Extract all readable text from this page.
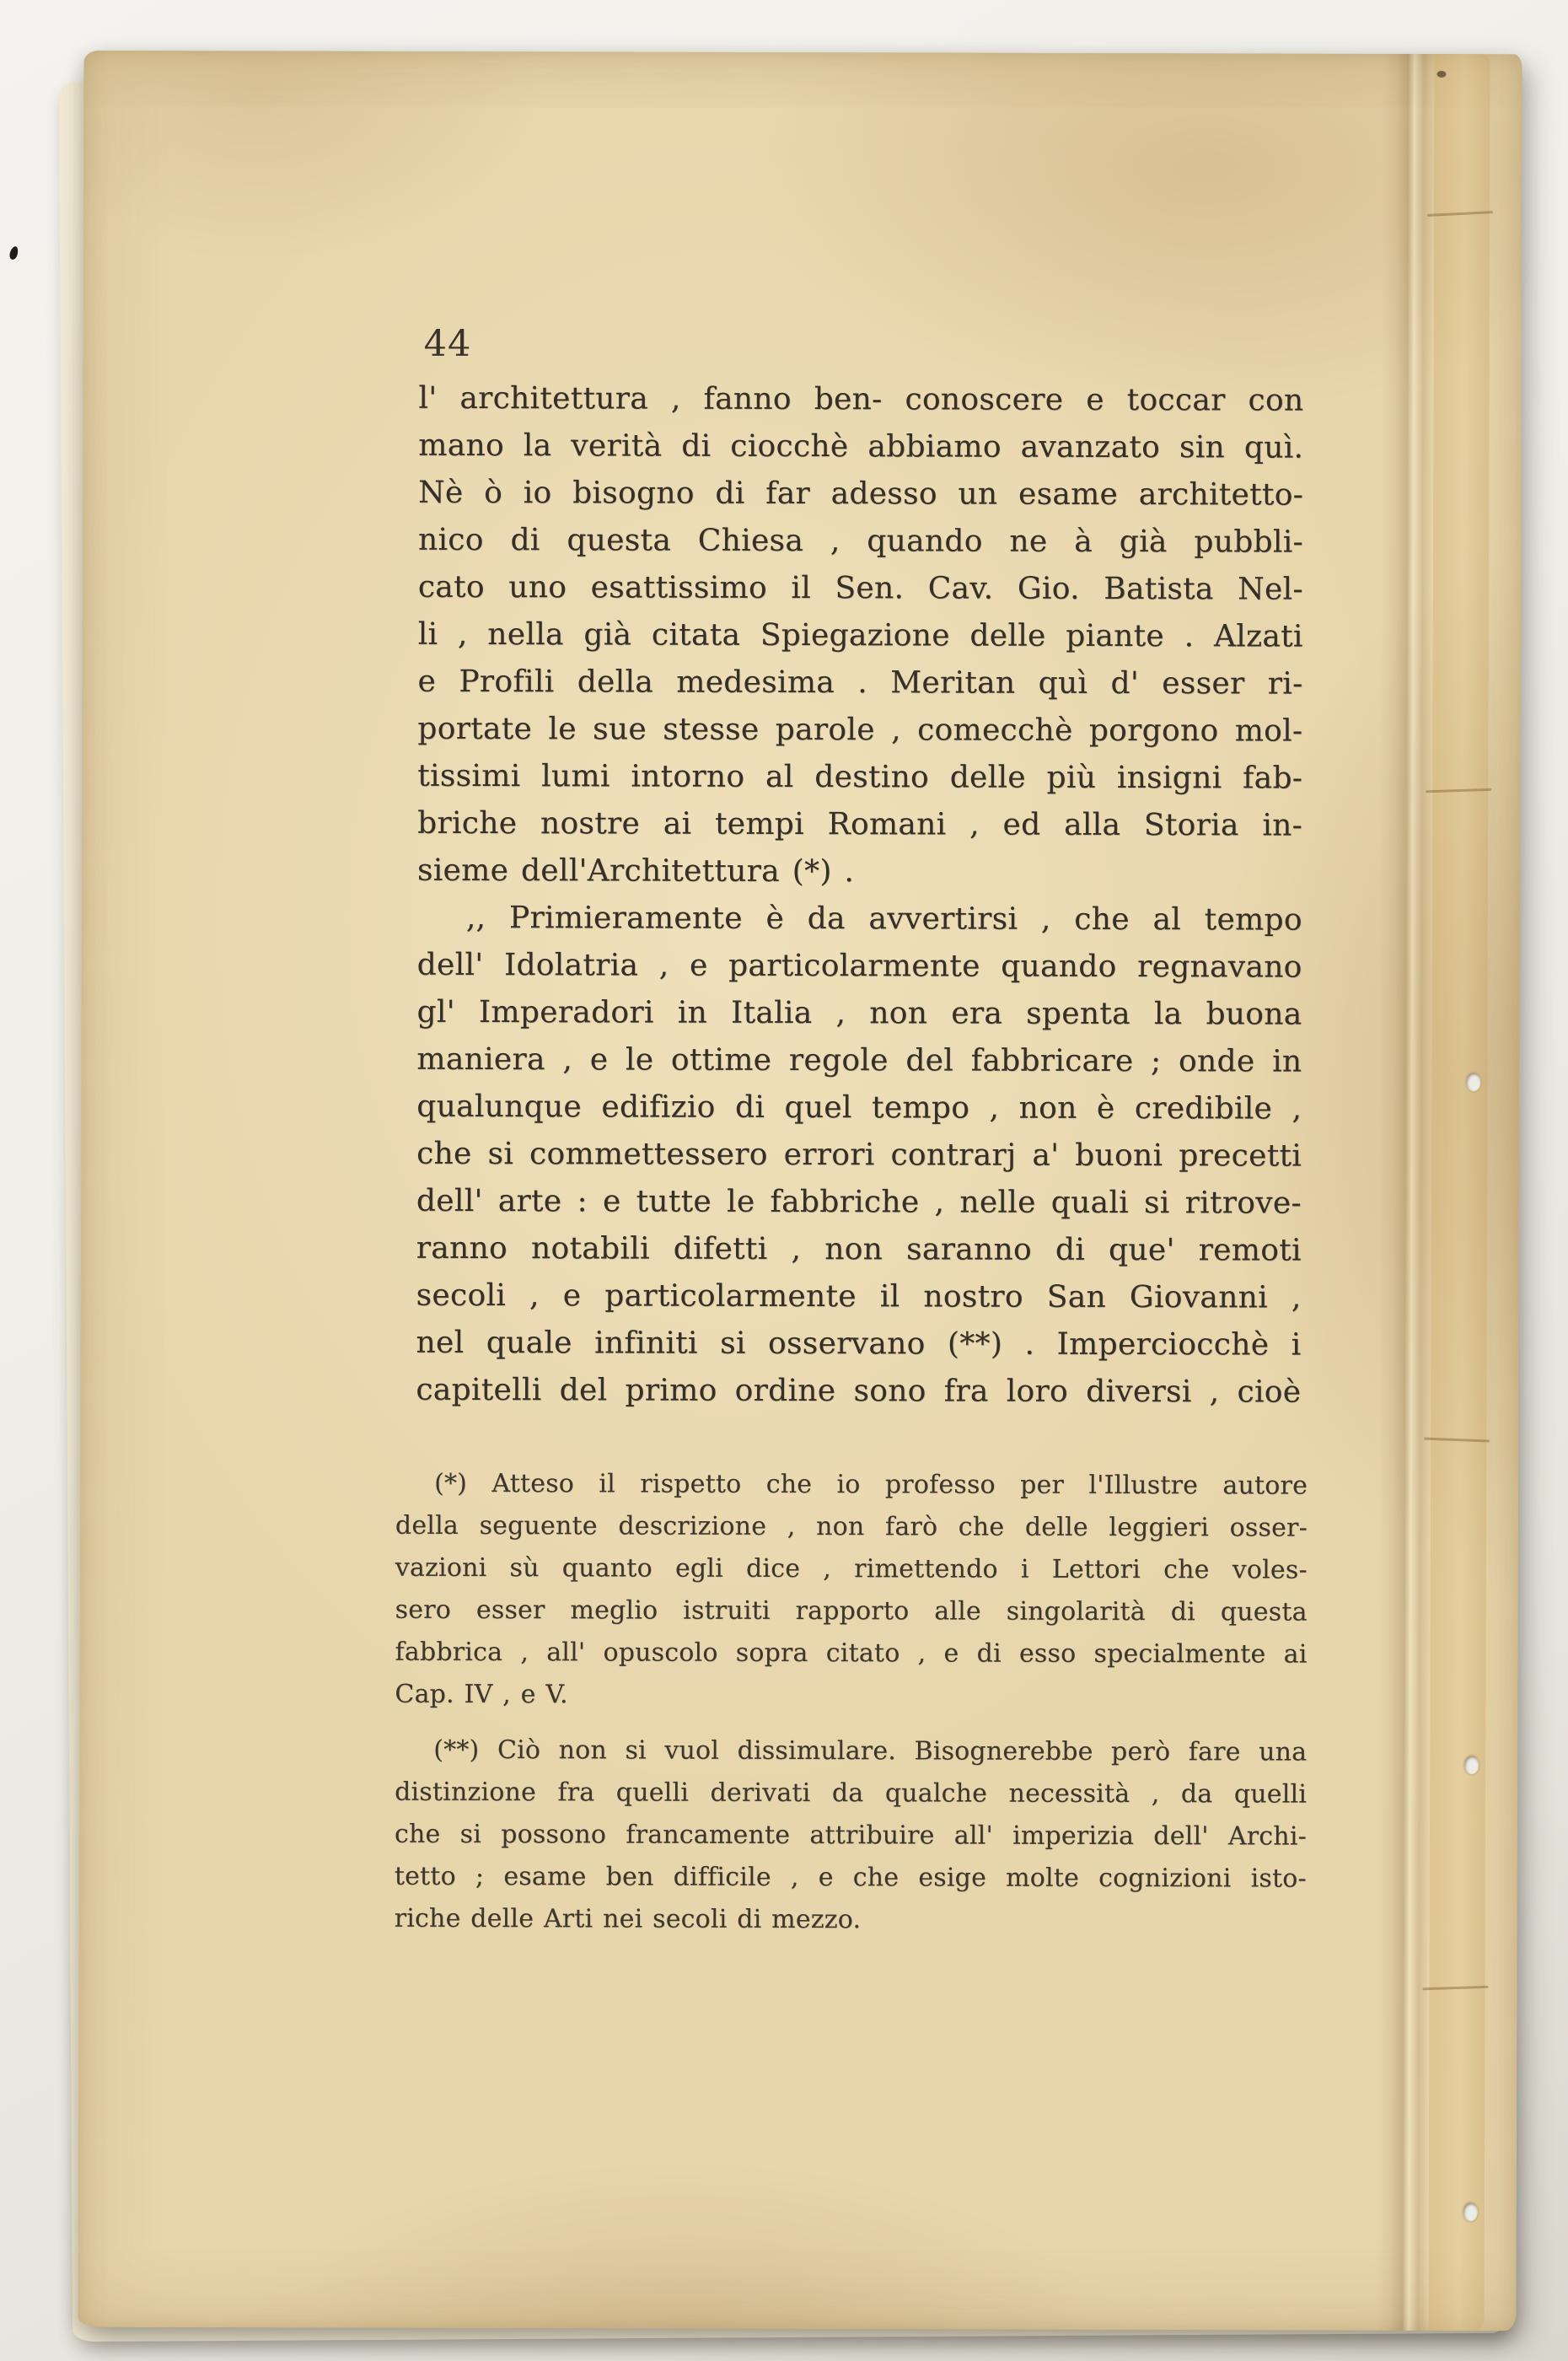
44
l' architettura , fanno ben- conoscere e toccar con
mano la verità di ciocchè abbiamo avanzato sin quì.
Nè ò io bisogno di far adesso un esame architetto-
nico di questa Chiesa , quando ne à già pubbli-
cato uno esattissimo il Sen. Cav. Gio. Batista Nel-
li , nella già citata Spiegazione delle piante . Alzati
e Profili della medesima . Meritan quì d' esser ri-
portate le sue stesse parole , comecchè porgono mol-
tissimi lumi intorno al destino delle più insigni fab-
briche nostre ai tempi Romani , ed alla Storia in-
sieme dell'Architettura (*) .
,, Primieramente è da avvertirsi , che al tempo
dell' Idolatria , e particolarmente quando regnavano
gl' Imperadori in Italia , non era spenta la buona
maniera , e le ottime regole del fabbricare ; onde in
qualunque edifizio di quel tempo , non è credibile ,
che si commettessero errori contrarj a' buoni precetti
dell' arte : e tutte le fabbriche , nelle quali si ritrove-
ranno notabili difetti , non saranno di que' remoti
secoli , e particolarmente il nostro San Giovanni ,
nel quale infiniti si osservano (**) . Imperciocchè i
capitelli del primo ordine sono fra loro diversi , cioè
(*) Atteso il rispetto che io professo per l'Illustre autore
della seguente descrizione , non farò che delle leggieri osser-
vazioni sù quanto egli dice , rimettendo i Lettori che voles-
sero esser meglio istruiti rapporto alle singolarità di questa
fabbrica , all' opuscolo sopra citato , e di esso specialmente ai
Cap. IV , e V.
(**) Ciò non si vuol dissimulare. Bisognerebbe però fare una
distinzione fra quelli derivati da qualche necessità , da quelli
che si possono francamente attribuire all' imperizia dell' Archi-
tetto ; esame ben difficile , e che esige molte cognizioni isto-
riche delle Arti nei secoli di mezzo.
